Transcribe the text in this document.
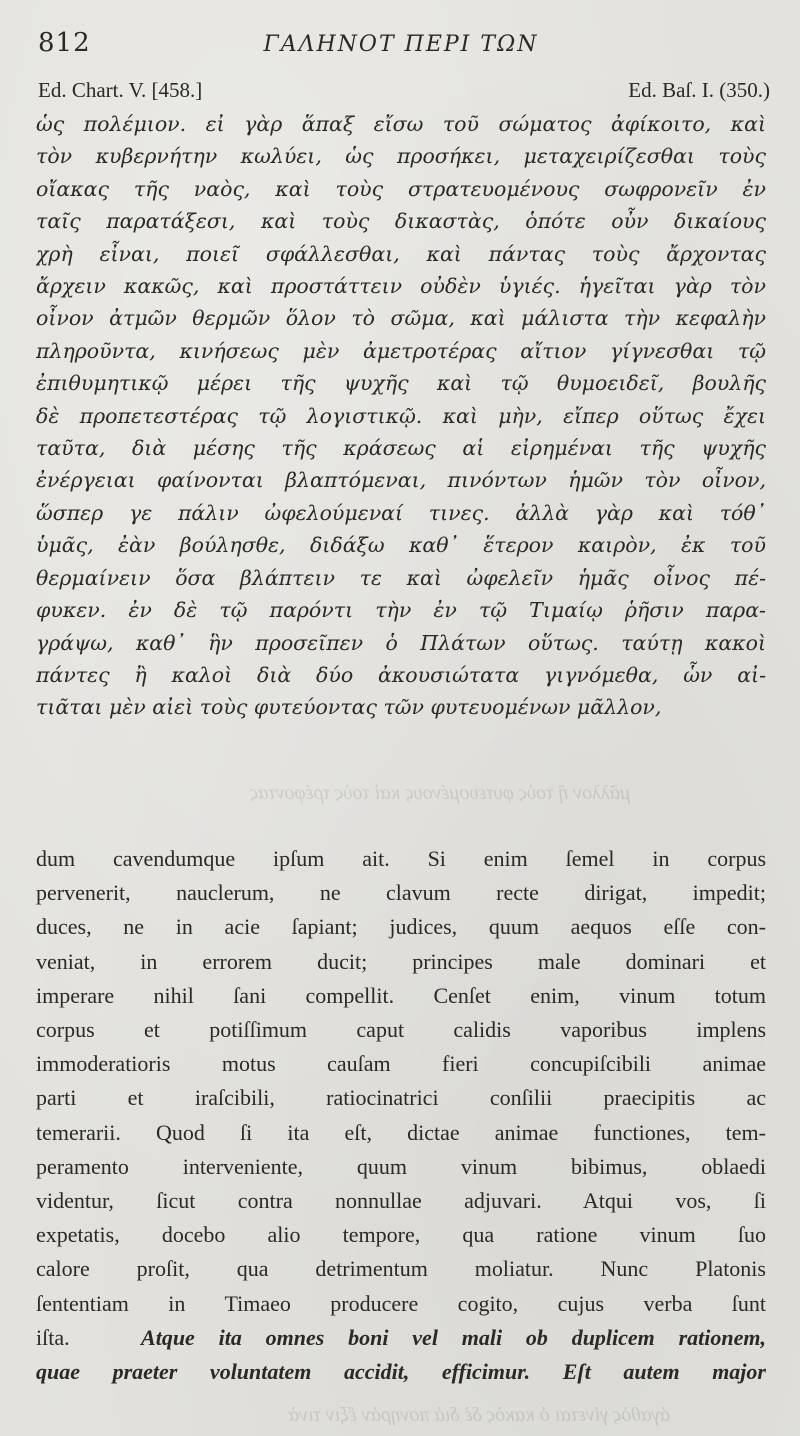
812	ΓΑΛΗΝΟΤ ΠΕΡΙ ΤΩΝ
Ed. Chart. V. [458.]	Ed. Baſ. I. (350.)
ὡς πολέμιον. εἰ γὰρ ἅπαξ εἴσω τοῦ σώματος ἀφίκοιτο, καὶ
τὸν κυβερνήτην κωλύει, ὡς προσήκει, μεταχειρίζεσθαι τοὺς
οἴακας τῆς ναὸς, καὶ τοὺς στρατευομένους σωφρονεῖν ἐν
ταῖς παρατάξεσι, καὶ τοὺς δικαστὰς, ὁπότε οὖν δικαίους
χρὴ εἶναι, ποιεῖ σφάλλεσθαι, καὶ πάντας τοὺς ἄρχοντας
ἄρχειν κακῶς, καὶ προστάττειν οὐδὲν ὑγιές. ἡγεῖται γὰρ τὸν
οἶνον ἀτμῶν θερμῶν ὅλον τὸ σῶμα, καὶ μάλιστα τὴν κεφαλὴν
πληροῦντα, κινήσεως μὲν ἀμετροτέρας αἴτιον γίγνεσθαι τῷ
ἐπιθυμητικῷ μέρει τῆς ψυχῆς καὶ τῷ θυμοειδεῖ, βουλῆς
δὲ προπετεστέρας τῷ λογιστικῷ. καὶ μὴν, εἴπερ οὕτως ἔχει
ταῦτα, διὰ μέσης τῆς κράσεως αἱ εἰρημέναι τῆς ψυχῆς
ἐνέργειαι φαίνονται βλαπτόμεναι, πινόντων ἡμῶν τὸν οἶνον,
ὥσπερ γε πάλιν ὠφελούμεναί τινες. ἀλλὰ γὰρ καὶ τόθ᾽
ὑμᾶς, ἐὰν βούλησθε, διδάξω καθ᾽ ἕτερον καιρὸν, ἐκ τοῦ
θερμαίνειν ὅσα βλάπτειν τε καὶ ὠφελεῖν ἡμᾶς οἶνος πέ-
φυκεν. ἐν δὲ τῷ παρόντι τὴν ἐν τῷ Τιμαίῳ ῥῆσιν παρα-
γράψω, καθ᾽ ἣν προσεῖπεν ὁ Πλάτων οὕτως. ταύτῃ κακοὶ
πάντες ἢ καλοὶ διὰ δύο ἀκουσιώτατα γιγνόμεθα, ὧν αἰ-
τιᾶται μὲν αἰεὶ τοὺς φυτεύοντας τῶν φυτευομένων μᾶλλον,
μᾶλλον ἢ τοὺς φυτευομένους καὶ τοὺς τρέφοντας
dum cavendumque ipſum ait. Si enim ſemel in corpus
pervenerit, nauclerum, ne clavum recte dirigat, impedit;
duces, ne in acie ſapiant; judices, quum aequos eſſe con-
veniat, in errorem ducit; principes male dominari et
imperare nihil ſani compellit. Cenſet enim, vinum totum
corpus et potiſſimum caput calidis vaporibus implens
immoderatioris motus cauſam fieri concupiſcibili animae
parti et iraſcibili, ratiocinatrici conſilii praecipitis ac
temerarii. Quod ſi ita eſt, dictae animae functiones, tem-
peramento interveniente, quum vinum bibimus, oblaedi
videntur, ſicut contra nonnullae adjuvari. Atqui vos, ſi
expetatis, docebo alio tempore, qua ratione vinum ſuo
calore proſit, qua detrimentum moliatur. Nunc Platonis
ſententiam in Timaeo producere cogito, cujus verba ſunt
iſta.	Atque ita omnes boni vel mali ob duplicem rationem,
quae praeter voluntatem accidit, efficimur. Eſt autem major
ἀγαθὸς γίνεται ὁ κακὸς δὲ διὰ πονηρὰν ἕξιν τινὰ
